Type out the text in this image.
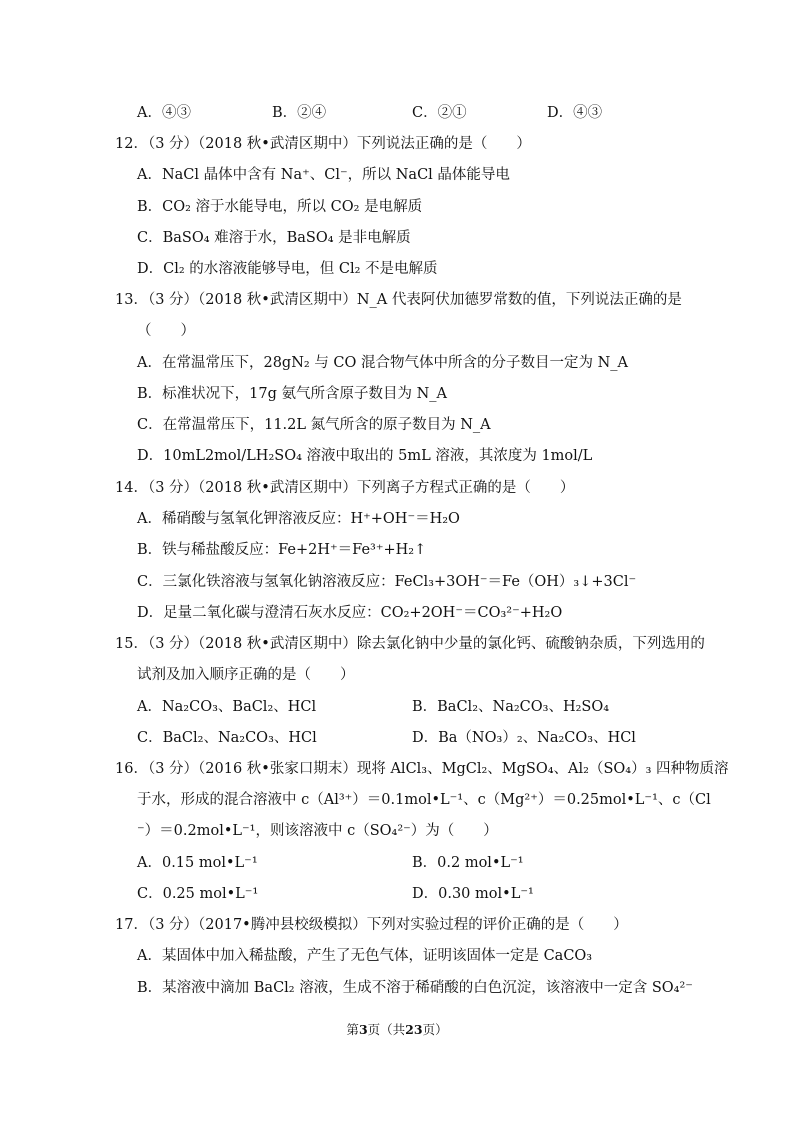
A．④③	B．②④	C．②①	D．④③
12．（3 分）（2018 秋•武清区期中）下列说法正确的是（　　）
A．NaCl 晶体中含有 Na⁺、Cl⁻，所以 NaCl 晶体能导电
B．CO₂ 溶于水能导电，所以 CO₂ 是电解质
C．BaSO₄ 难溶于水，BaSO₄ 是非电解质
D．Cl₂ 的水溶液能够导电，但 Cl₂ 不是电解质
13．（3 分）（2018 秋•武清区期中）N_A 代表阿伏加德罗常数的值，下列说法正确的是
（　　）
A．在常温常压下，28gN₂ 与 CO 混合物气体中所含的分子数目一定为 N_A
B．标准状况下，17g 氨气所含原子数目为 N_A
C．在常温常压下，11.2L 氮气所含的原子数目为 N_A
D．10mL2mol/LH₂SO₄ 溶液中取出的 5mL 溶液，其浓度为 1mol/L
14．（3 分）（2018 秋•武清区期中）下列离子方程式正确的是（　　）
A．稀硝酸与氢氧化钾溶液反应：H⁺+OH⁻＝H₂O
B．铁与稀盐酸反应：Fe+2H⁺＝Fe³⁺+H₂↑
C．三氯化铁溶液与氢氧化钠溶液反应：FeCl₃+3OH⁻＝Fe（OH）₃↓+3Cl⁻
D．足量二氧化碳与澄清石灰水反应：CO₂+2OH⁻＝CO₃²⁻+H₂O
15．（3 分）（2018 秋•武清区期中）除去氯化钠中少量的氯化钙、硫酸钠杂质，下列选用的
试剂及加入顺序正确的是（　　）
A．Na₂CO₃、BaCl₂、HCl	B．BaCl₂、Na₂CO₃、H₂SO₄
C．BaCl₂、Na₂CO₃、HCl	D．Ba（NO₃）₂、Na₂CO₃、HCl
16．（3 分）（2016 秋•张家口期末）现将 AlCl₃、MgCl₂、MgSO₄、Al₂（SO₄）₃ 四种物质溶
于水，形成的混合溶液中 c（Al³⁺）＝0.1mol•L⁻¹、c（Mg²⁺）＝0.25mol•L⁻¹、c（Cl
⁻）＝0.2mol•L⁻¹，则该溶液中 c（SO₄²⁻）为（　　）
A．0.15 mol•L⁻¹	B．0.2 mol•L⁻¹
C．0.25 mol•L⁻¹	D．0.30 mol•L⁻¹
17．（3 分）（2017•腾冲县校级模拟）下列对实验过程的评价正确的是（　　）
A．某固体中加入稀盐酸，产生了无色气体，证明该固体一定是 CaCO₃
B．某溶液中滴加 BaCl₂ 溶液，生成不溶于稀硝酸的白色沉淀，该溶液中一定含 SO₄²⁻
第3页（共23页）
